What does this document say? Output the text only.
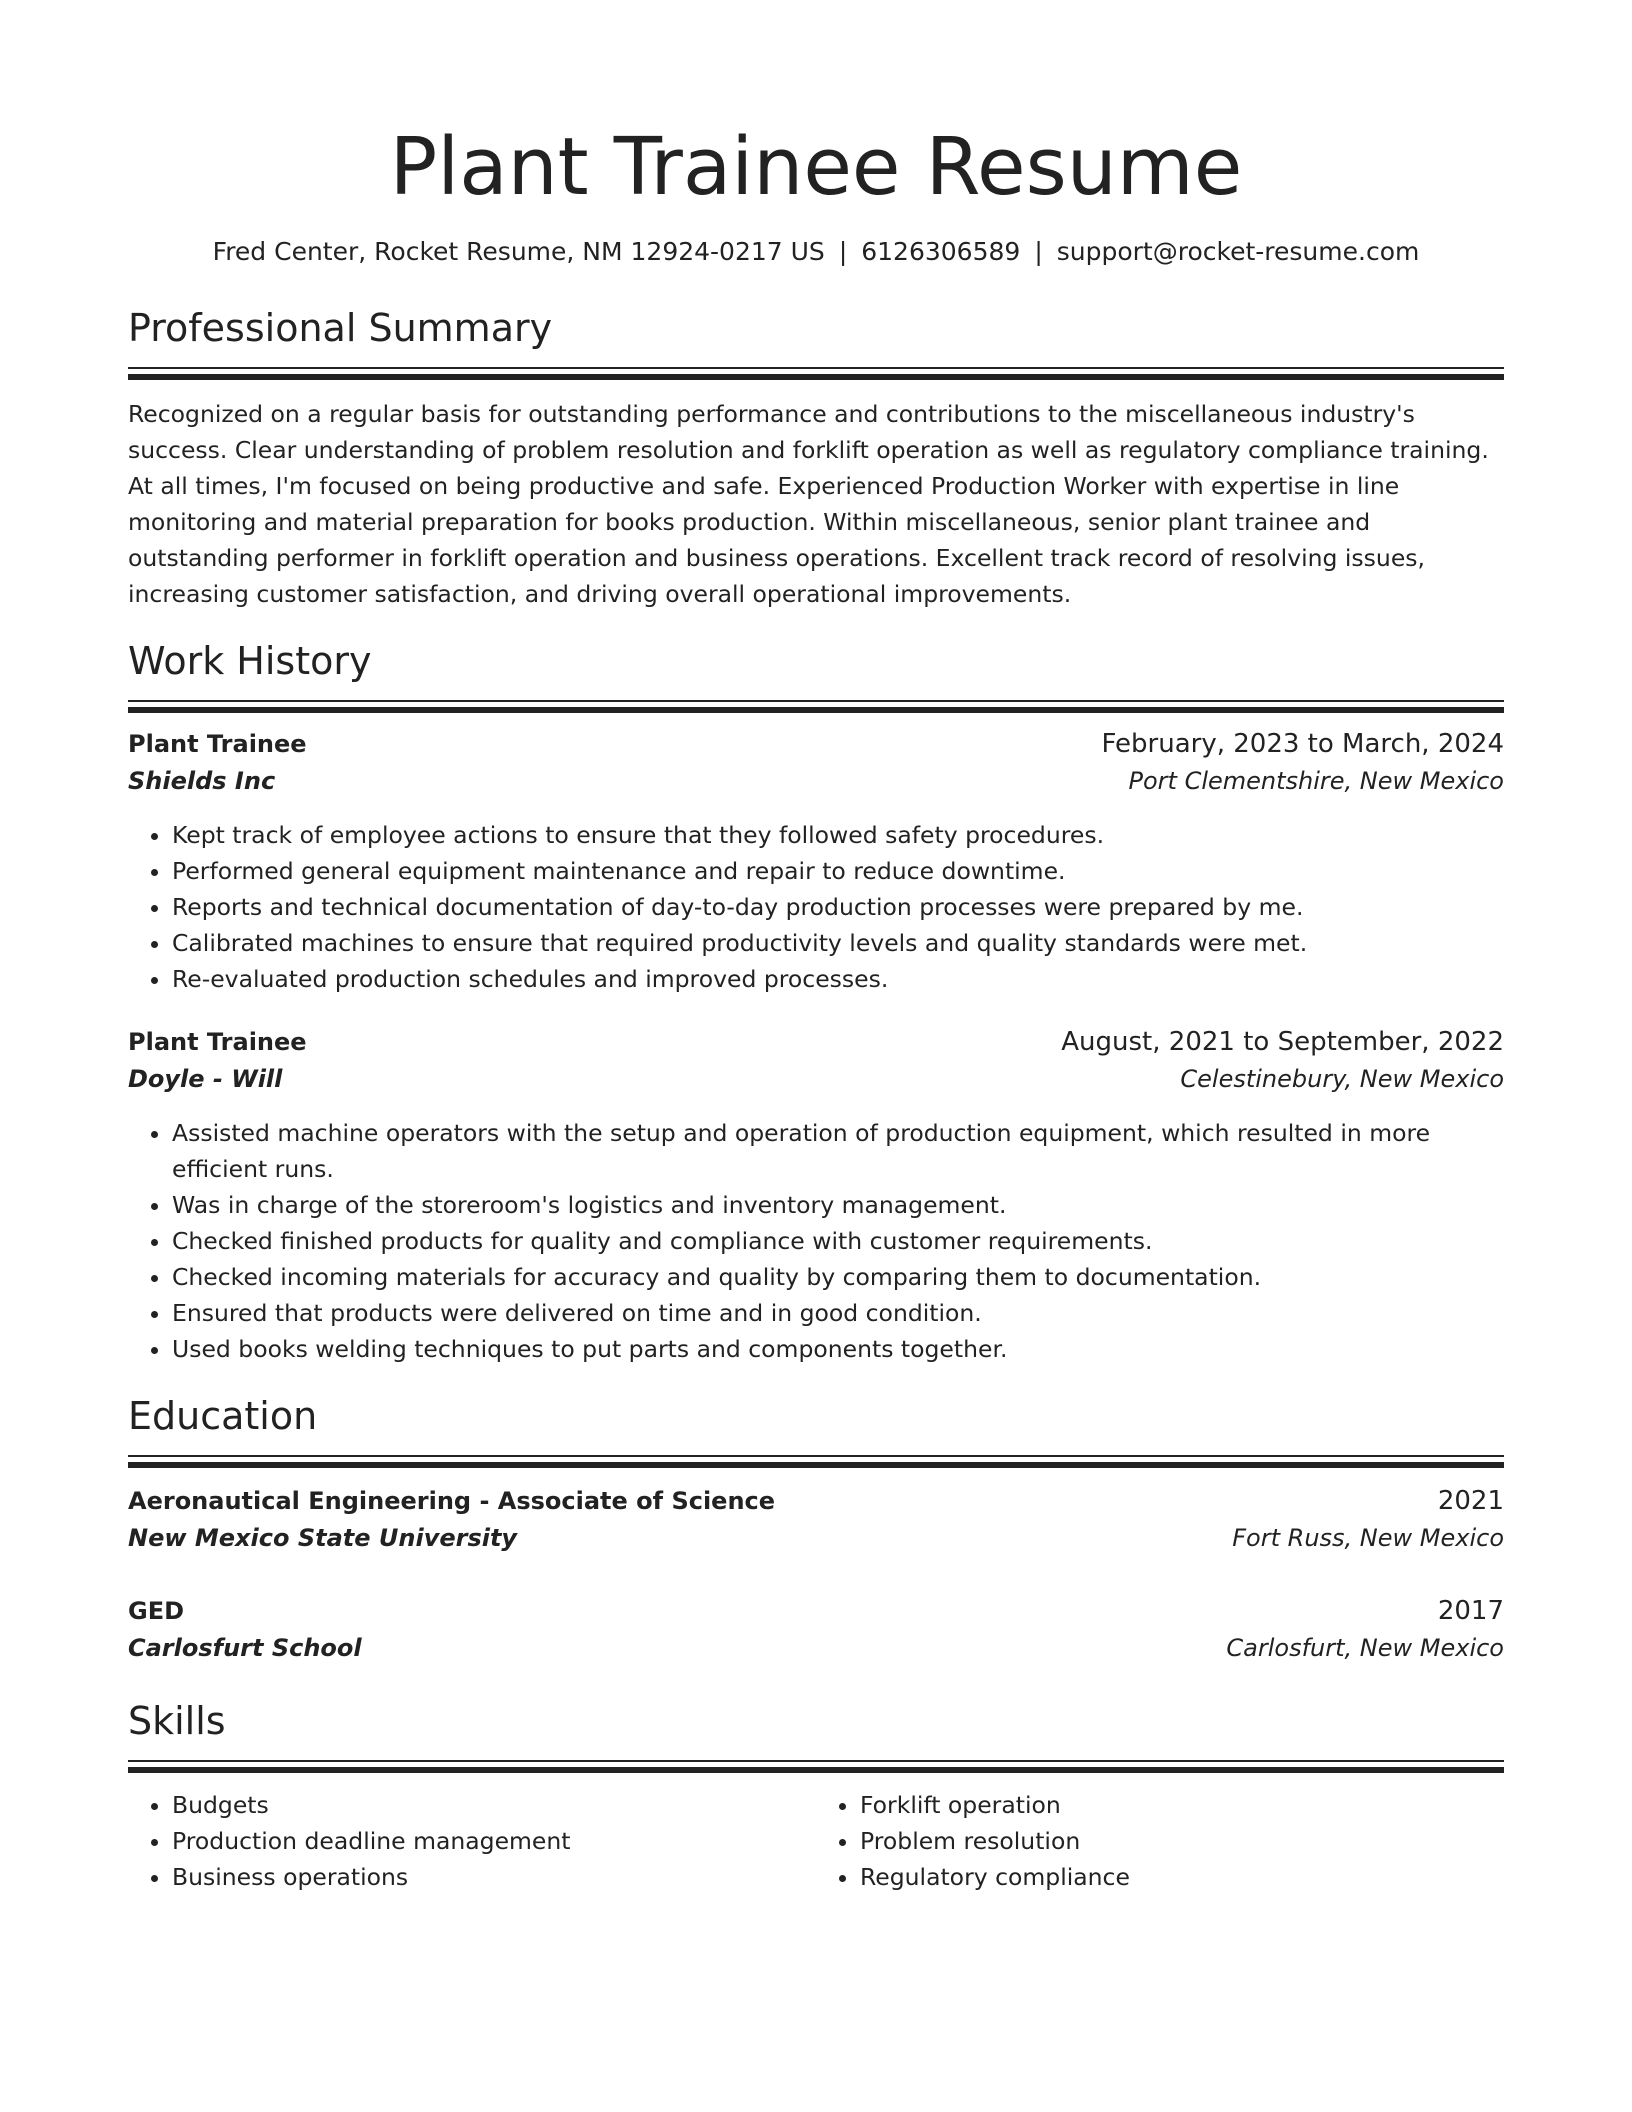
Plant Trainee Resume
Fred Center, Rocket Resume, NM 12924-0217 US | 6126306589 | support@rocket-resume.com
Professional Summary

Recognized on a regular basis for outstanding performance and contributions to the miscellaneous industry's success. Clear understanding of problem resolution and forklift operation as well as regulatory compliance training. At all times, I'm focused on being productive and safe. Experienced Production Worker with expertise in line monitoring and material preparation for books production. Within miscellaneous, senior plant trainee and outstanding performer in forklift operation and business operations. Excellent track record of resolving issues, increasing customer satisfaction, and driving overall operational improvements.

Work History
Plant Trainee	February, 2023 to March, 2024
Shields Inc	Port Clementshire, New Mexico
• Kept track of employee actions to ensure that they followed safety procedures.
• Performed general equipment maintenance and repair to reduce downtime.
• Reports and technical documentation of day-to-day production processes were prepared by me.
• Calibrated machines to ensure that required productivity levels and quality standards were met.
• Re-evaluated production schedules and improved processes.
Plant Trainee	August, 2021 to September, 2022
Doyle - Will	Celestinebury, New Mexico
• Assisted machine operators with the setup and operation of production equipment, which resulted in more efficient runs.
• Was in charge of the storeroom's logistics and inventory management.
• Checked finished products for quality and compliance with customer requirements.
• Checked incoming materials for accuracy and quality by comparing them to documentation.
• Ensured that products were delivered on time and in good condition.
• Used books welding techniques to put parts and components together.
Education
Aeronautical Engineering - Associate of Science	2021
New Mexico State University	Fort Russ, New Mexico
GED	2017
Carlosfurt School	Carlosfurt, New Mexico
Skills
• Budgets
• Production deadline management
• Business operations
• Forklift operation
• Problem resolution
• Regulatory compliance
